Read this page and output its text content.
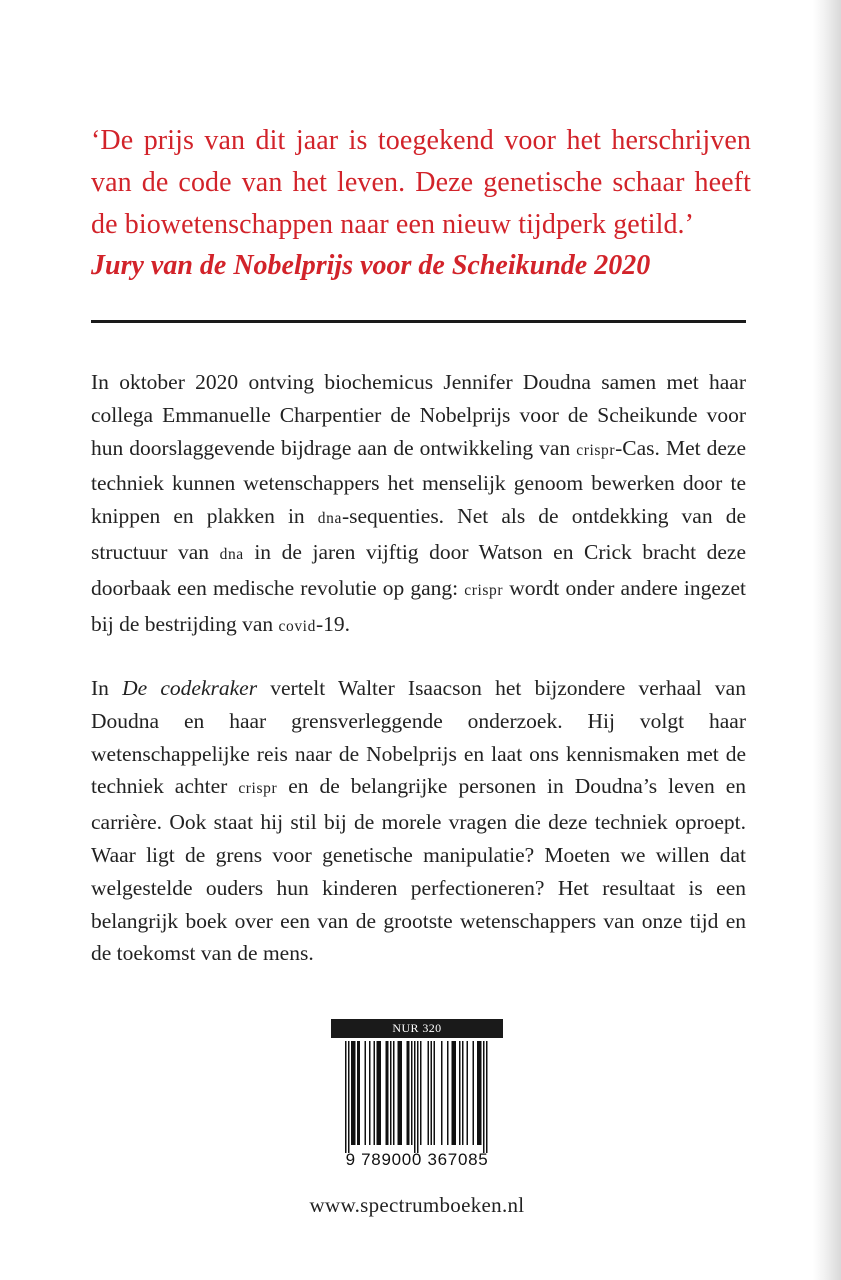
‘De prijs van dit jaar is toegekend voor het herschrijven van de code van het leven. Deze genetische schaar heeft de biowetenschappen naar een nieuw tijdperk getild.’

Jury van de Nobelprijs voor de Scheikunde 2020
In oktober 2020 ontving biochemicus Jennifer Doudna samen met haar collega Emmanuelle Charpentier de Nobelprijs voor de Scheikunde voor hun doorslaggevende bijdrage aan de ontwikkeling van crispr-Cas. Met deze techniek kunnen wetenschappers het menselijk genoom bewerken door te knippen en plakken in dna-sequenties. Net als de ontdekking van de structuur van dna in de jaren vijftig door Watson en Crick bracht deze doorbaak een medische revolutie op gang: crispr wordt onder andere ingezet bij de bestrijding van covid-19.
In De codekraker vertelt Walter Isaacson het bijzondere verhaal van Doudna en haar grensverleggende onderzoek. Hij volgt haar wetenschappelijke reis naar de Nobelprijs en laat ons kennismaken met de techniek achter crispr en de belangrijke personen in Doudna’s leven en carrière. Ook staat hij stil bij de morele vragen die deze techniek oproept. Waar ligt de grens voor genetische manipulatie? Moeten we willen dat welgestelde ouders hun kinderen perfectioneren? Het resultaat is een belangrijk boek over een van de grootste wetenschappers van onze tijd en de toekomst van de mens.
NUR 320
9 789000 367085
www.spectrumboeken.nl
